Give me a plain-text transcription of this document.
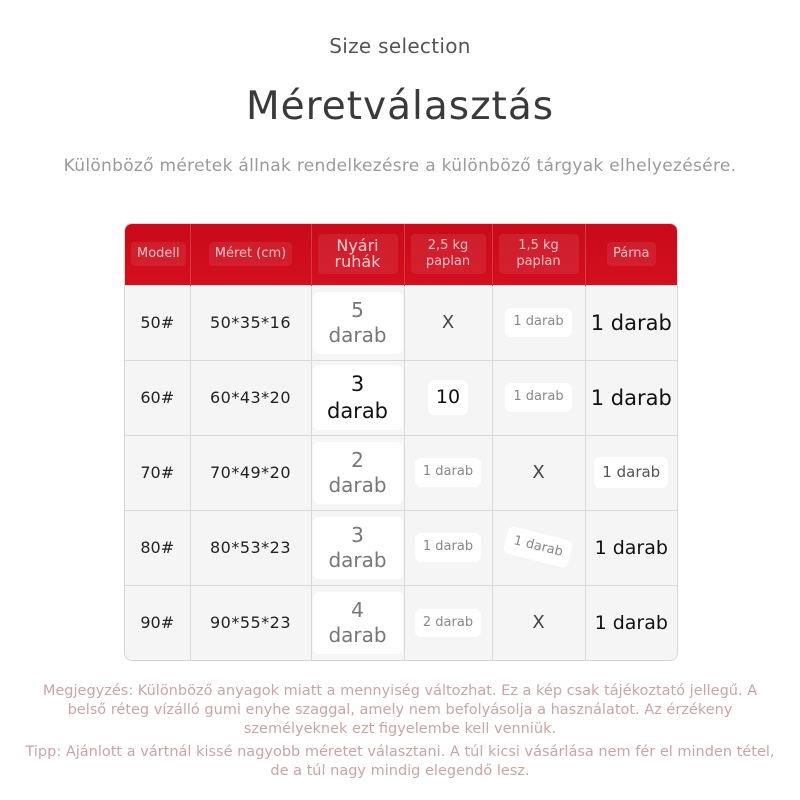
Size selection
Méretválasztás
Különböző méretek állnak rendelkezésre a különböző tárgyak elhelyezésére.
Modell	Méret (cm)	Nyári ruhák	2,5 kg paplan	1,5 kg paplan	Párna
50#	50*35*16	5 darab	X	1 darab	1 darab
60#	60*43*20	3 darab	10	1 darab	1 darab
70#	70*49*20	2 darab	1 darab	X	1 darab
80#	80*53*23	3 darab	1 darab	1 darab	1 darab
90#	90*55*23	4 darab	2 darab	X	1 darab
Megjegyzés: Különböző anyagok miatt a mennyiség változhat. Ez a kép csak tájékoztató jellegű. A belső réteg vízálló gumi enyhe szaggal, amely nem befolyásolja a használatot. Az érzékeny személyeknek ezt figyelembe kell venniük.
Tipp: Ajánlott a vártnál kissé nagyobb méretet választani. A túl kicsi vásárlása nem fér el minden tétel, de a túl nagy mindig elegendő lesz.
